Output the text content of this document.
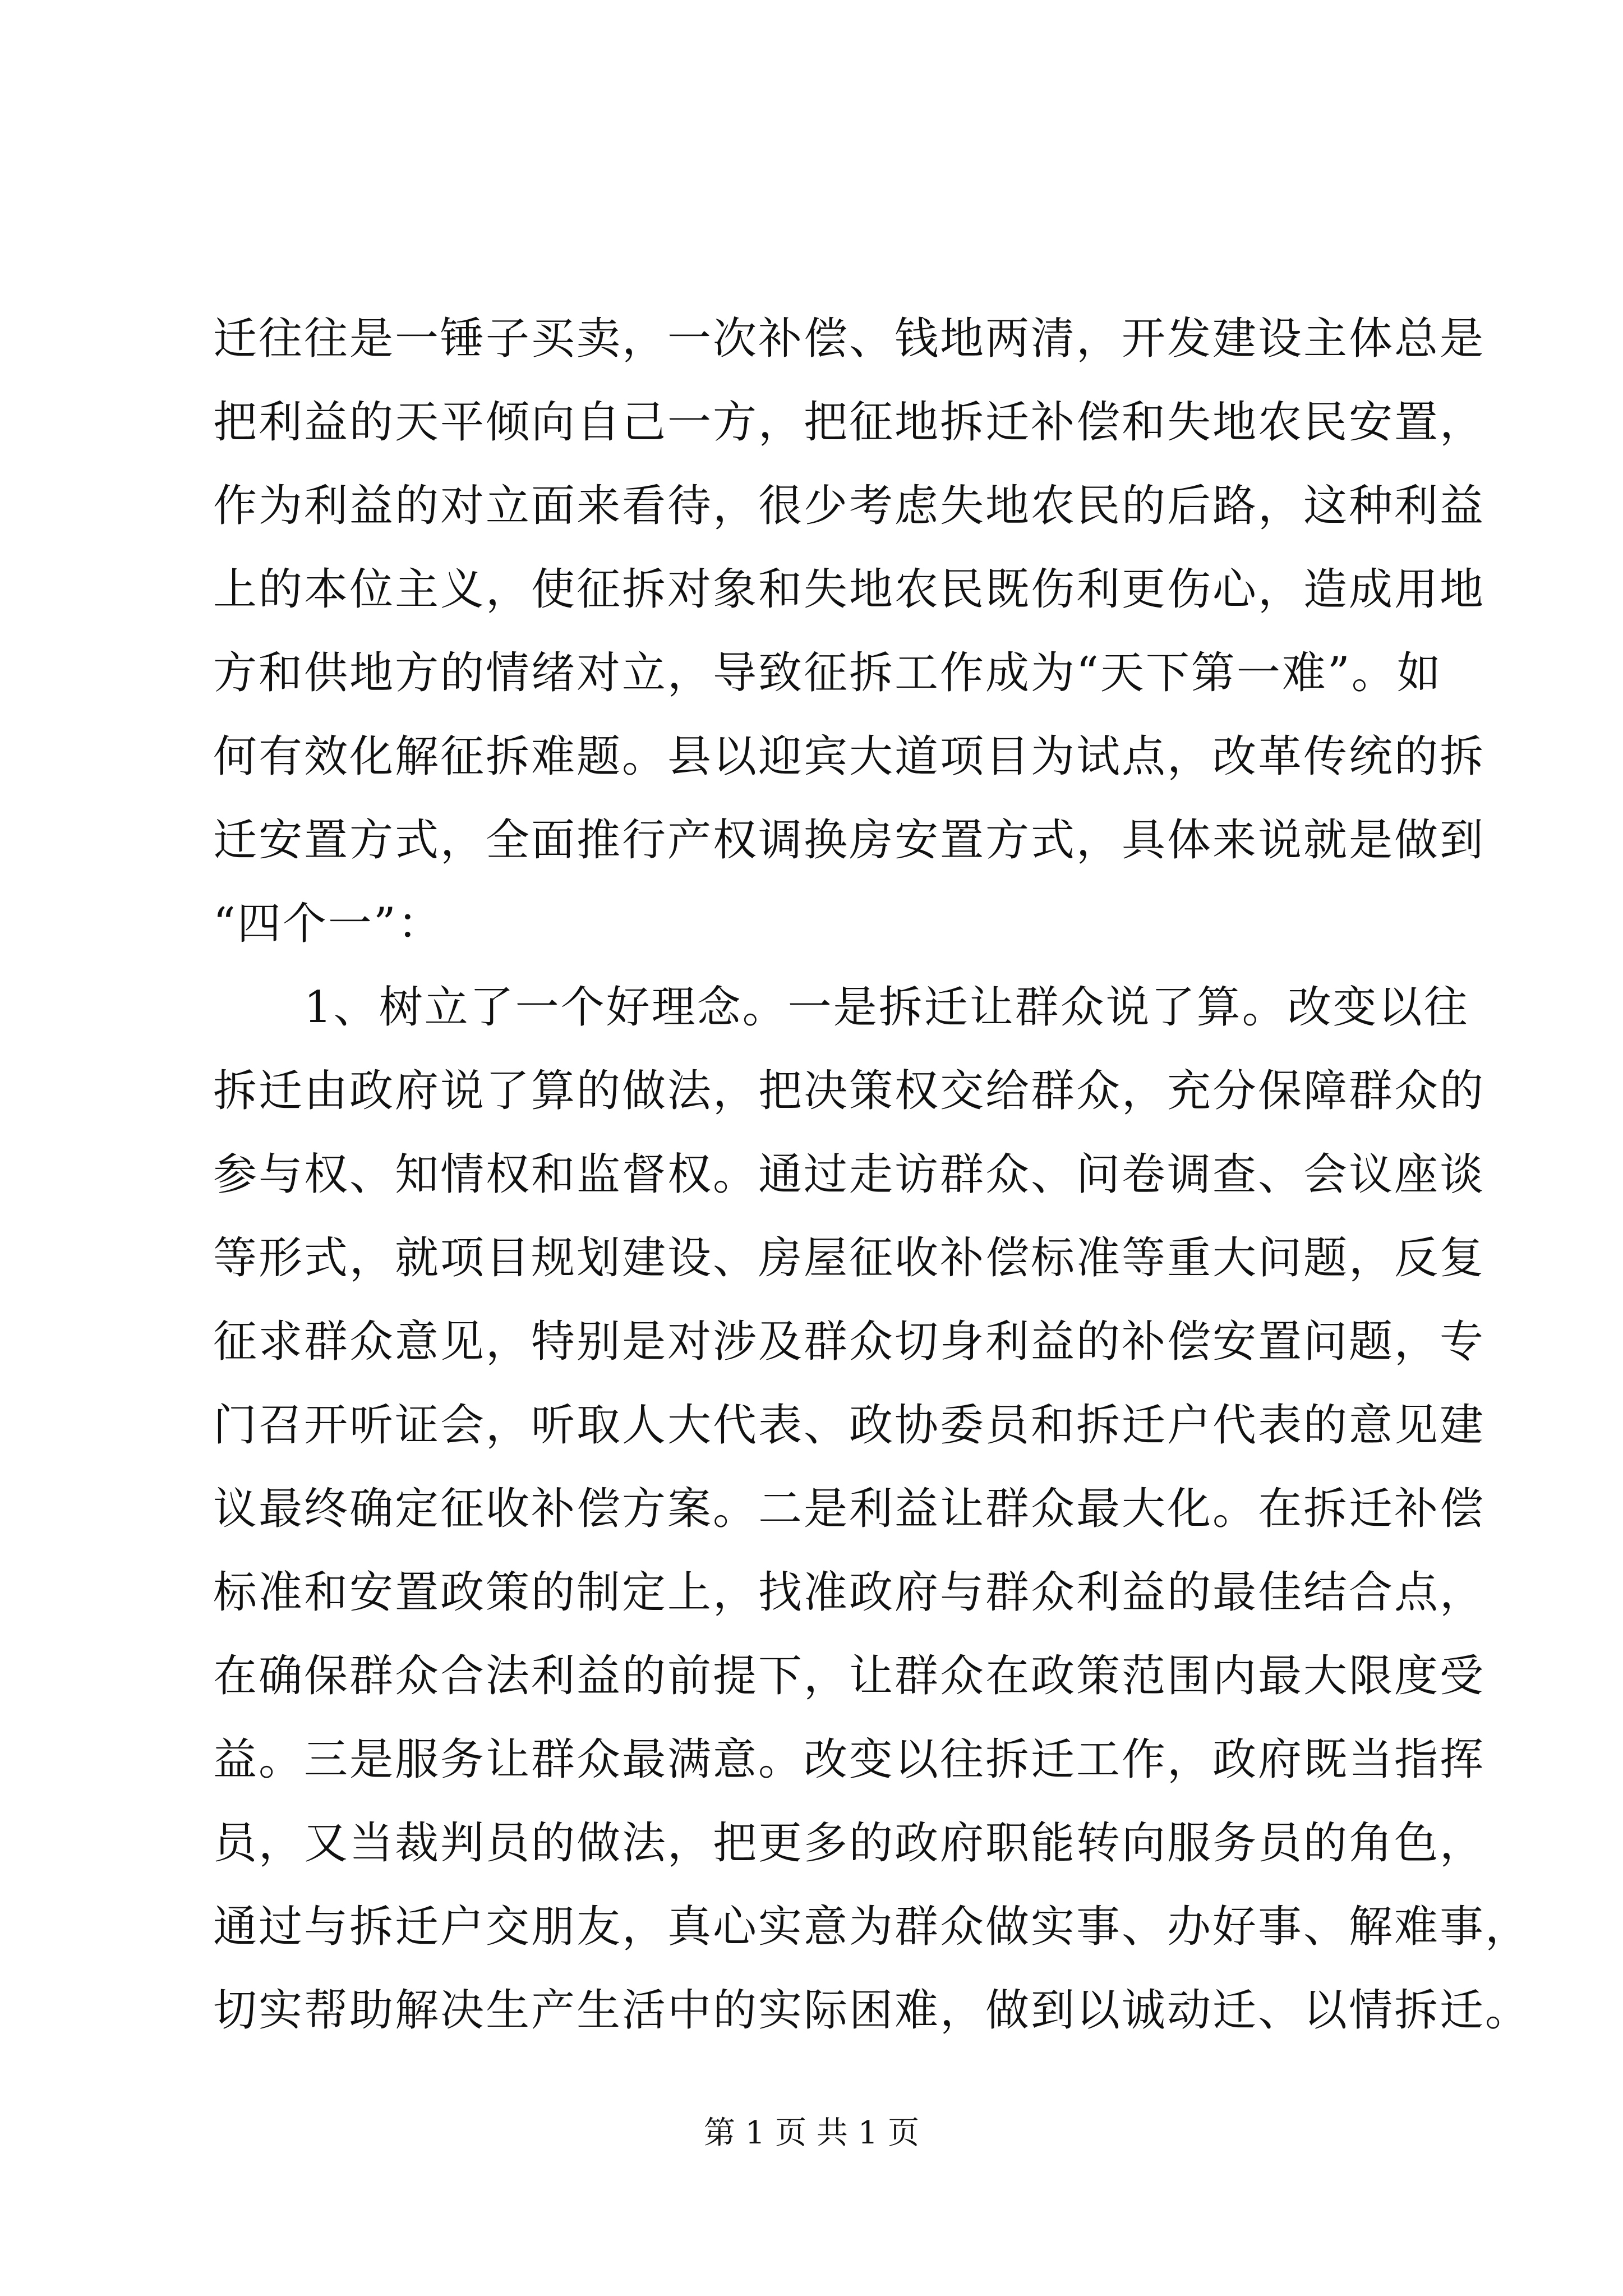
迁往往是一锤子买卖，一次补偿、钱地两清，开发建设主体总是
把利益的天平倾向自己一方，把征地拆迁补偿和失地农民安置，
作为利益的对立面来看待，很少考虑失地农民的后路，这种利益
上的本位主义，使征拆对象和失地农民既伤利更伤心，造成用地
方和供地方的情绪对立，导致征拆工作成为“天下第一难”。如
何有效化解征拆难题。县以迎宾大道项目为试点，改革传统的拆
迁安置方式，全面推行产权调换房安置方式，具体来说就是做到
“四个一”：
　　1、树立了一个好理念。一是拆迁让群众说了算。改变以往
拆迁由政府说了算的做法，把决策权交给群众，充分保障群众的
参与权、知情权和监督权。通过走访群众、问卷调查、会议座谈
等形式，就项目规划建设、房屋征收补偿标准等重大问题，反复
征求群众意见，特别是对涉及群众切身利益的补偿安置问题，专
门召开听证会，听取人大代表、政协委员和拆迁户代表的意见建
议最终确定征收补偿方案。二是利益让群众最大化。在拆迁补偿
标准和安置政策的制定上，找准政府与群众利益的最佳结合点，
在确保群众合法利益的前提下，让群众在政策范围内最大限度受
益。三是服务让群众最满意。改变以往拆迁工作，政府既当指挥
员，又当裁判员的做法，把更多的政府职能转向服务员的角色，
通过与拆迁户交朋友，真心实意为群众做实事、办好事、解难事，
切实帮助解决生产生活中的实际困难，做到以诚动迁、以情拆迁。
第 1 页 共 1 页
